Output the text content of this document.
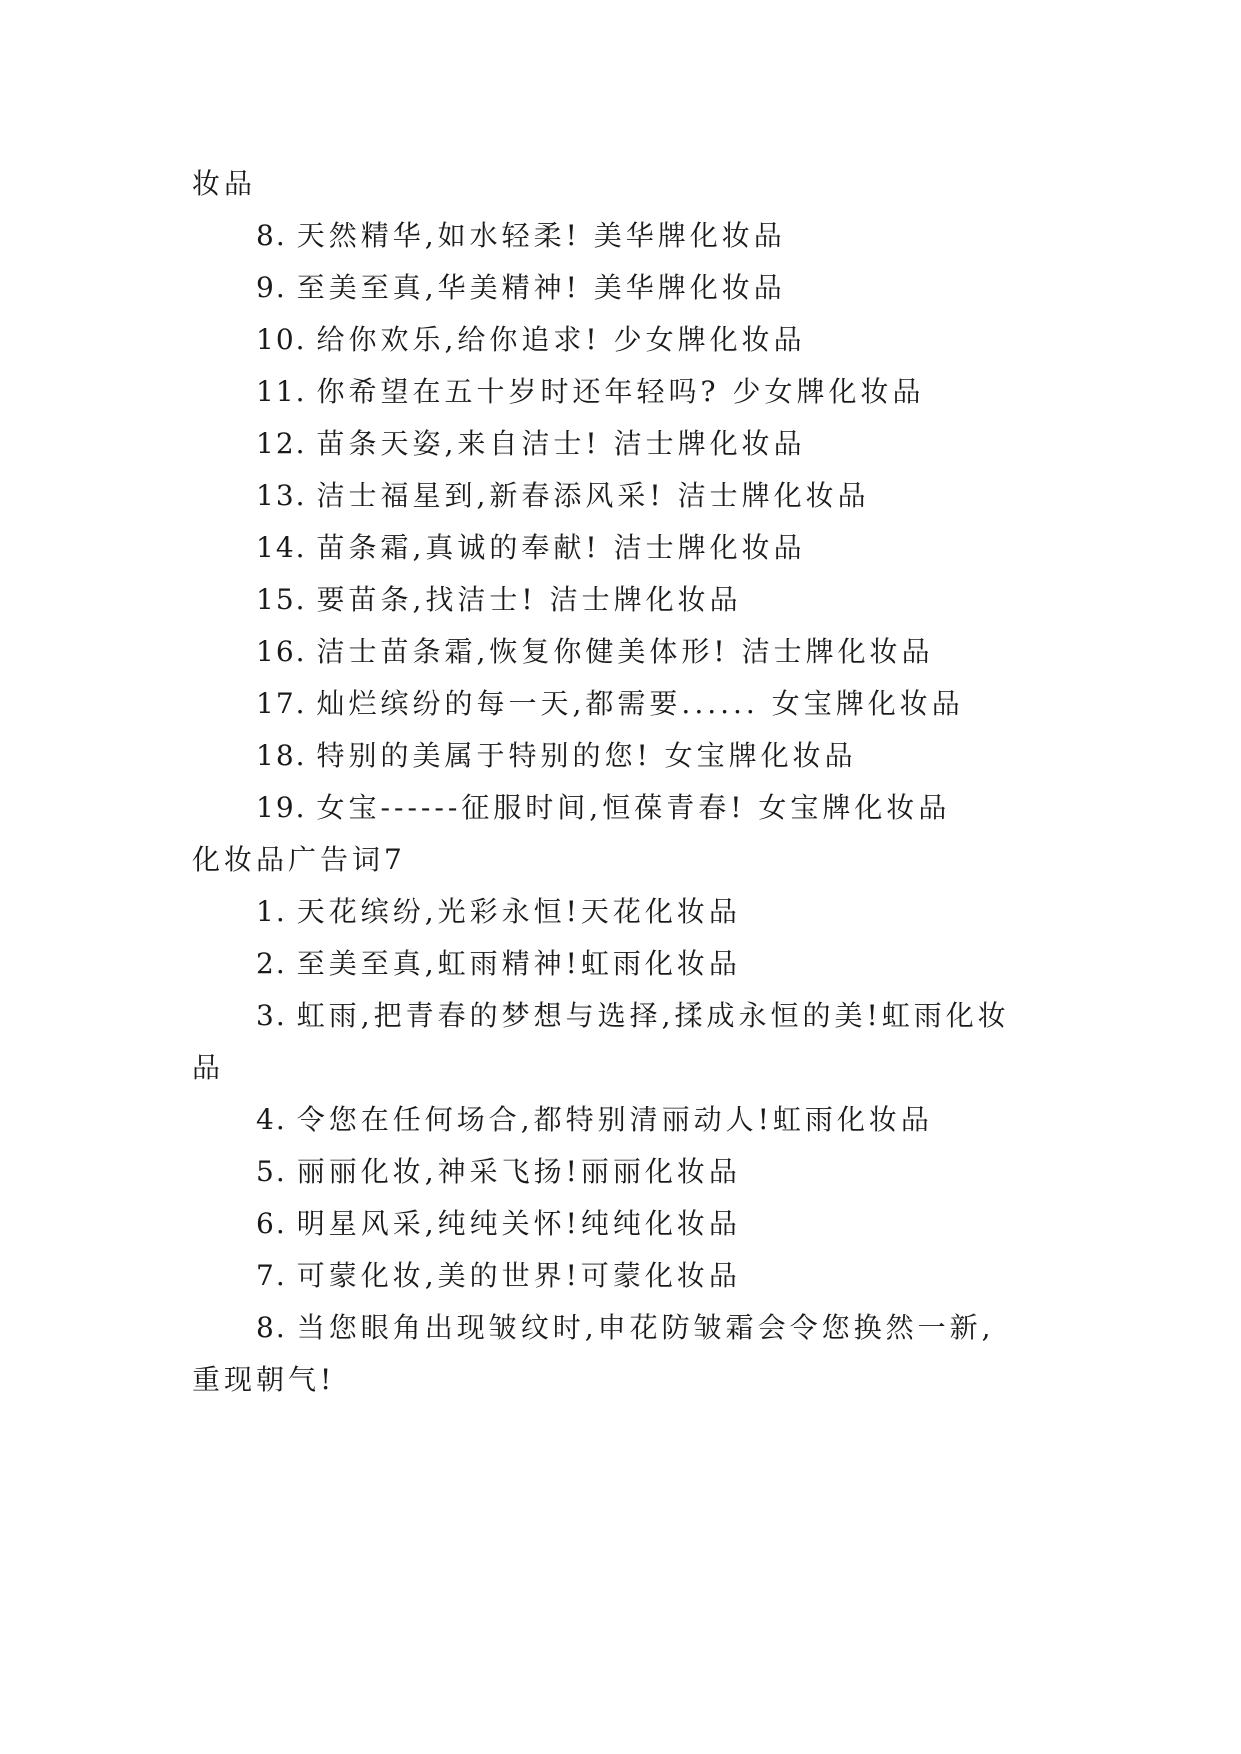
妆品
8. 天然精华,如水轻柔! 美华牌化妆品
9. 至美至真,华美精神! 美华牌化妆品
10. 给你欢乐,给你追求! 少女牌化妆品
11. 你希望在五十岁时还年轻吗? 少女牌化妆品
12. 苗条天姿,来自洁士! 洁士牌化妆品
13. 洁士福星到,新春添风采! 洁士牌化妆品
14. 苗条霜,真诚的奉献! 洁士牌化妆品
15. 要苗条,找洁士! 洁士牌化妆品
16. 洁士苗条霜,恢复你健美体形! 洁士牌化妆品
17. 灿烂缤纷的每一天,都需要...... 女宝牌化妆品
18. 特别的美属于特别的您! 女宝牌化妆品
19. 女宝------征服时间,恒葆青春! 女宝牌化妆品
化妆品广告词7
1. 天花缤纷,光彩永恒!天花化妆品
2. 至美至真,虹雨精神!虹雨化妆品
3. 虹雨,把青春的梦想与选择,揉成永恒的美!虹雨化妆
品
4. 令您在任何场合,都特别清丽动人!虹雨化妆品
5. 丽丽化妆,神采飞扬!丽丽化妆品
6. 明星风采,纯纯关怀!纯纯化妆品
7. 可蒙化妆,美的世界!可蒙化妆品
8. 当您眼角出现皱纹时,申花防皱霜会令您换然一新,
重现朝气!
